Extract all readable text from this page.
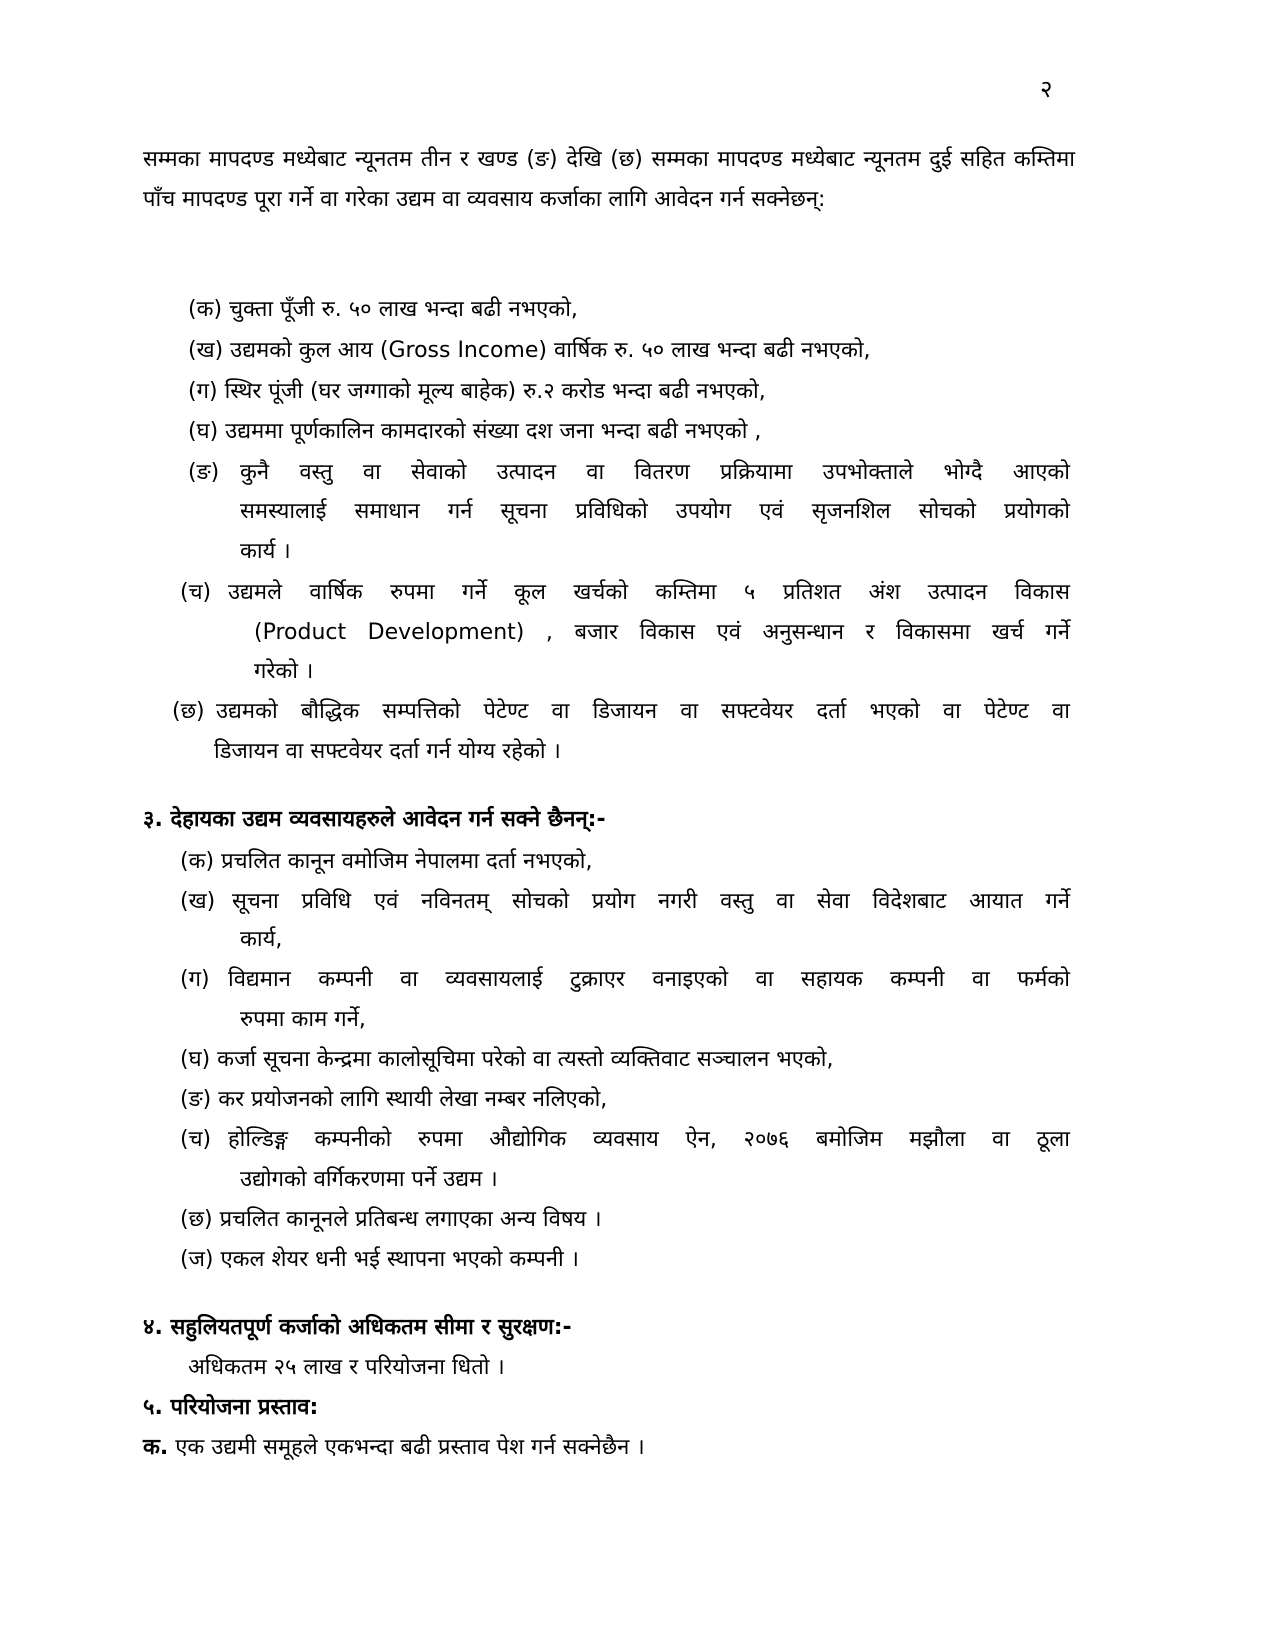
२

सम्मका मापदण्ड मध्येबाट न्यूनतम तीन र खण्ड (ङ) देखि (छ) सम्मका मापदण्ड मध्येबाट न्यूनतम दुई सहित कम्तिमा पाँच मापदण्ड पूरा गर्ने वा गरेका उद्यम वा व्यवसाय कर्जाका लागि आवेदन गर्न सक्नेछन्:

(क) चुक्ता पूँजी रु. ५० लाख भन्दा बढी नभएको,
(ख) उद्यमको कुल आय (Gross Income) वार्षिक रु. ५० लाख भन्दा बढी नभएको,
(ग) स्थिर पूंजी (घर जग्गाको मूल्य बाहेक) रु.२ करोड भन्दा बढी नभएको,
(घ) उद्यममा पूर्णकालिन कामदारको संख्या दश जना भन्दा बढी नभएको ,
(ङ) कुनै वस्तु वा सेवाको उत्पादन वा वितरण प्रक्रियामा उपभोक्ताले भोग्दै आएको
समस्यालाई समाधान गर्न सूचना प्रविधिको उपयोग एवं सृजनशिल सोचको प्रयोगको
कार्य ।
(च) उद्यमले वार्षिक रुपमा गर्ने कूल खर्चको कम्तिमा ५ प्रतिशत अंश उत्पादन विकास
(Product Development) , बजार विकास एवं अनुसन्धान र विकासमा खर्च गर्ने
गरेको ।
(छ) उद्यमको बौद्धिक सम्पत्तिको पेटेण्ट वा डिजायन वा सफ्टवेयर दर्ता भएको वा पेटेण्ट वा
डिजायन वा सफ्टवेयर दर्ता गर्न योग्य रहेको ।
३. देहायका उद्यम व्यवसायहरुले आवेदन गर्न सक्ने छैनन्:-
(क) प्रचलित कानून वमोजिम नेपालमा दर्ता नभएको,
(ख) सूचना प्रविधि एवं नविनतम् सोचको प्रयोग नगरी वस्तु वा सेवा विदेशबाट आयात गर्ने
कार्य,
(ग) विद्यमान कम्पनी वा व्यवसायलाई टुक्राएर वनाइएको वा सहायक कम्पनी वा फर्मको
रुपमा काम गर्ने,
(घ) कर्जा सूचना केन्द्रमा कालोसूचिमा परेको वा त्यस्तो व्यक्तिवाट सञ्चालन भएको,
(ङ) कर प्रयोजनको लागि स्थायी लेखा नम्बर नलिएको,
(च) होल्डिङ्ग कम्पनीको रुपमा औद्योगिक व्यवसाय ऐन, २०७६ बमोजिम मझौला वा ठूला
उद्योगको वर्गिकरणमा पर्ने उद्यम ।
(छ) प्रचलित कानूनले प्रतिबन्ध लगाएका अन्य विषय ।
(ज) एकल शेयर धनी भई स्थापना भएको कम्पनी ।
४. सहुलियतपूर्ण कर्जाको अधिकतम सीमा र सुरक्षण:-
अधिकतम २५ लाख र परियोजना धितो ।
५. परियोजना प्रस्ताव:
क. एक उद्यमी समूहले एकभन्दा बढी प्रस्ताव पेश गर्न सक्नेछैन ।
